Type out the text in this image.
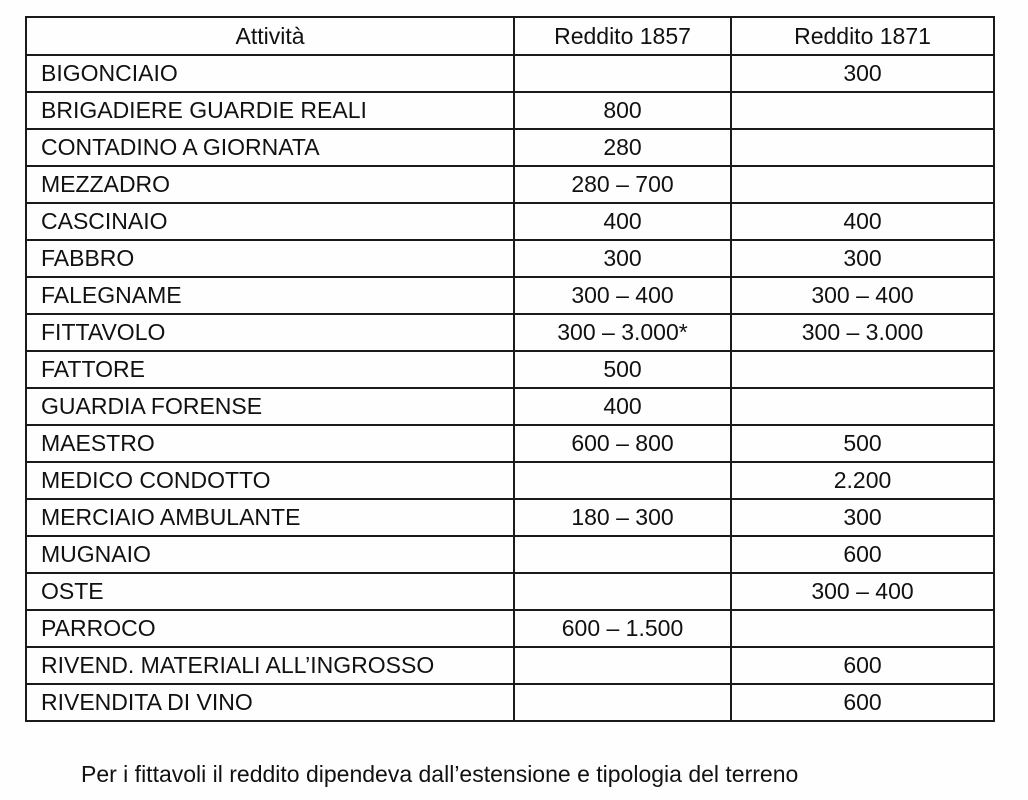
Attività	Reddito 1857	Reddito 1871
BIGONCIAIO		300
BRIGADIERE GUARDIE REALI	800	
CONTADINO A GIORNATA	280	
MEZZADRO	280 – 700	
CASCINAIO	400	400
FABBRO	300	300
FALEGNAME	300 – 400	300 – 400
FITTAVOLO	300 – 3.000*	300 – 3.000
FATTORE	500	
GUARDIA FORENSE	400	
MAESTRO	600 – 800	500
MEDICO CONDOTTO		2.200
MERCIAIO AMBULANTE	180 – 300	300
MUGNAIO		600
OSTE		300 – 400
PARROCO	600 – 1.500	
RIVEND. MATERIALI ALL’INGROSSO		600
RIVENDITA DI VINO		600
Per i fittavoli il reddito dipendeva dall’estensione e tipologia del terreno
